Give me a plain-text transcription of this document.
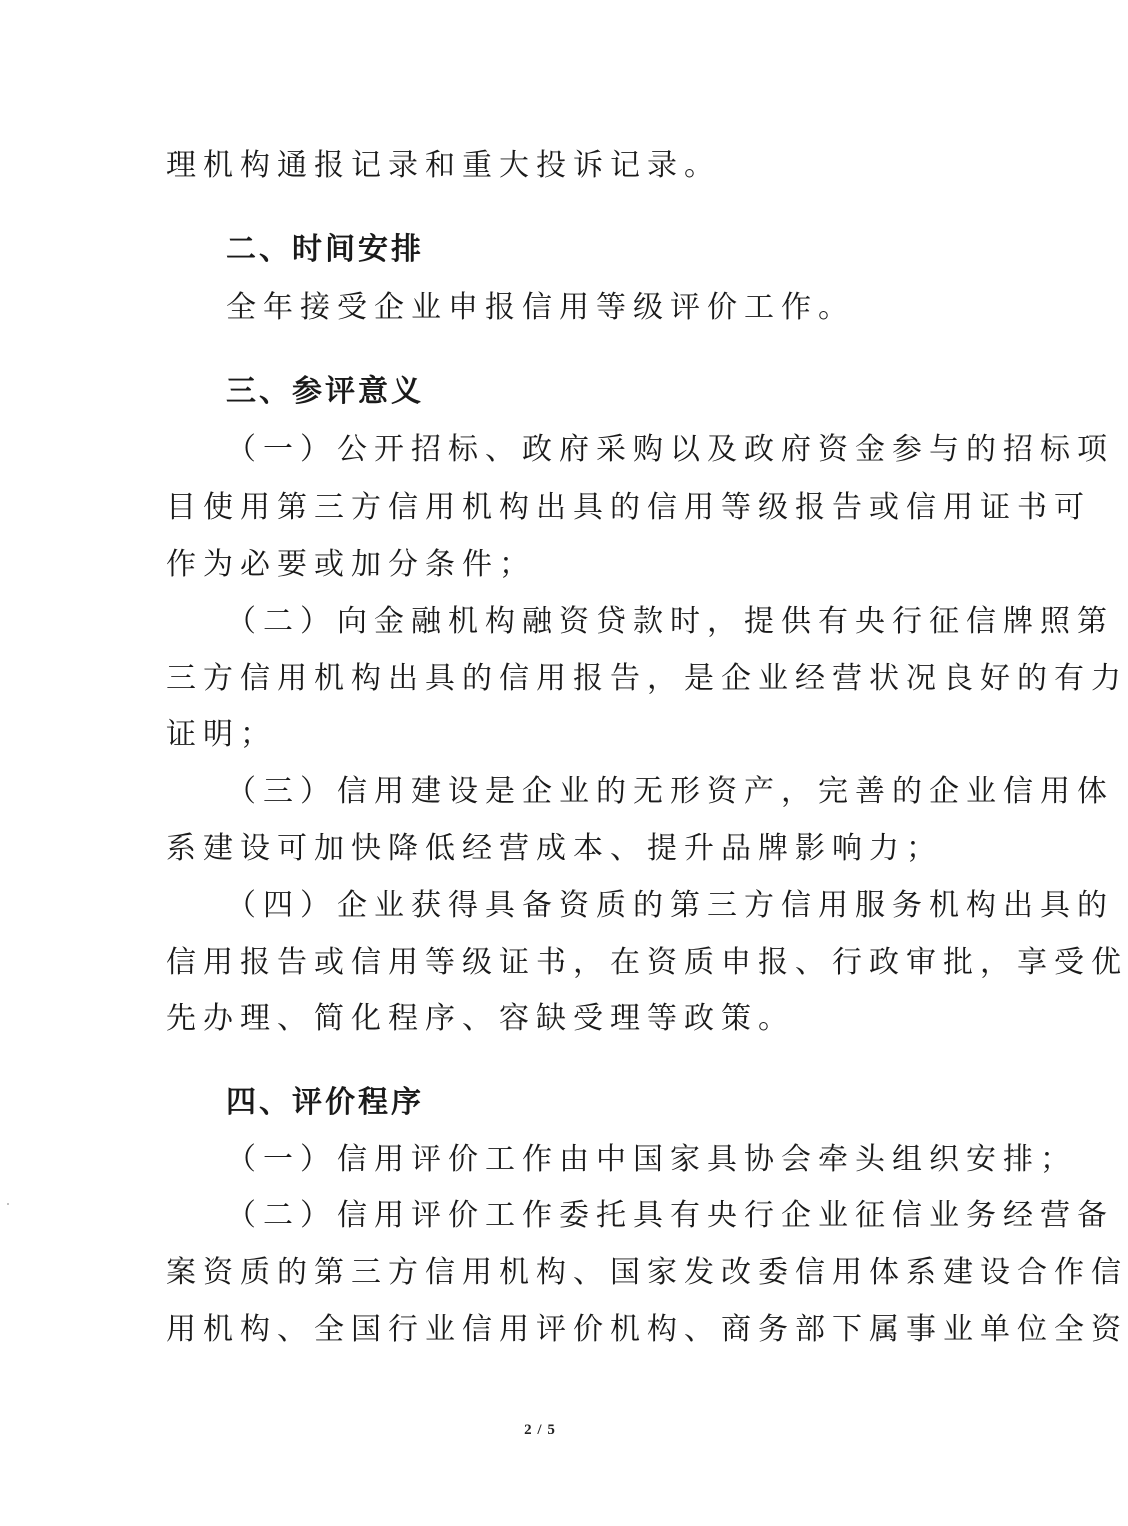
理机构通报记录和重大投诉记录。
二、时间安排
全年接受企业申报信用等级评价工作。
三、参评意义
（一）公开招标、政府采购以及政府资金参与的招标项
目使用第三方信用机构出具的信用等级报告或信用证书可
作为必要或加分条件；
（二）向金融机构融资贷款时，提供有央行征信牌照第
三方信用机构出具的信用报告，是企业经营状况良好的有力
证明；
（三）信用建设是企业的无形资产，完善的企业信用体
系建设可加快降低经营成本、提升品牌影响力；
（四）企业获得具备资质的第三方信用服务机构出具的
信用报告或信用等级证书，在资质申报、行政审批，享受优
先办理、简化程序、容缺受理等政策。
四、评价程序
（一）信用评价工作由中国家具协会牵头组织安排；
（二）信用评价工作委托具有央行企业征信业务经营备
案资质的第三方信用机构、国家发改委信用体系建设合作信
用机构、全国行业信用评价机构、商务部下属事业单位全资
2 / 5
